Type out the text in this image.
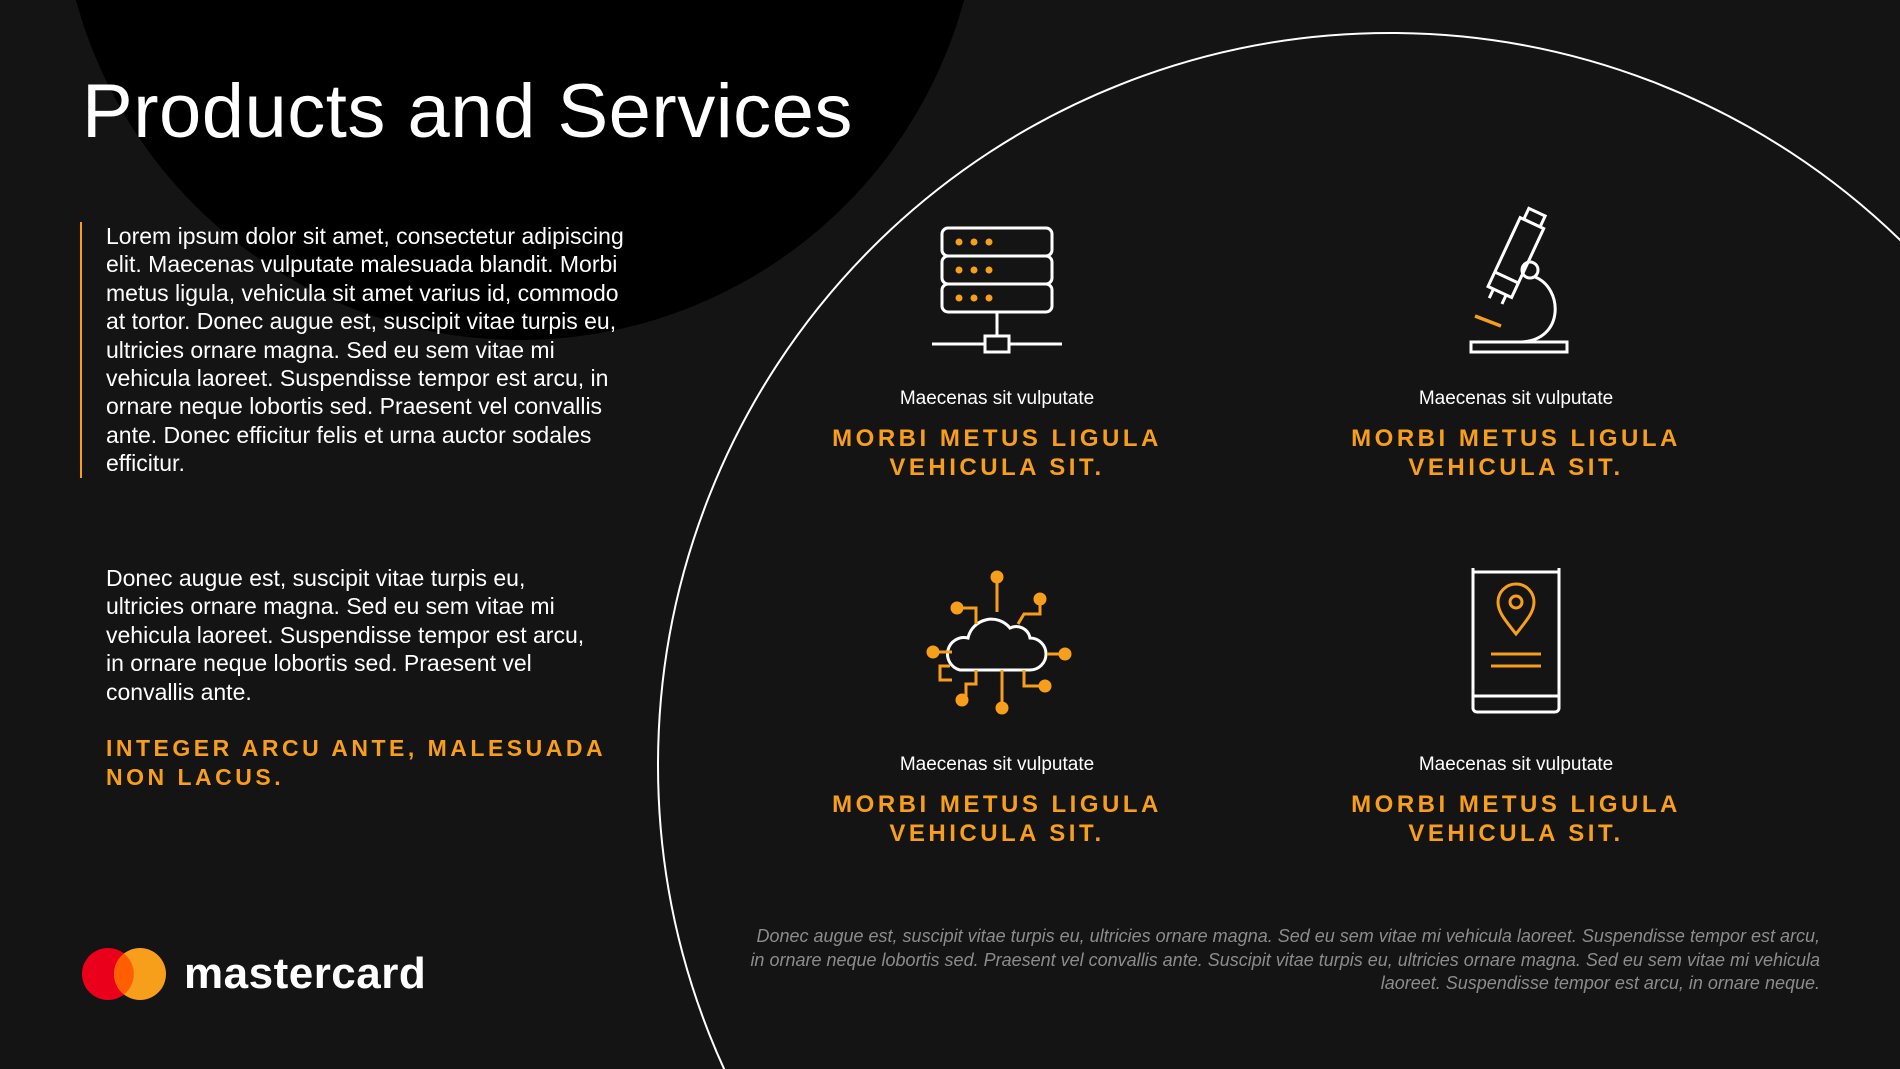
Products and Services
Lorem ipsum dolor sit amet, consectetur adipiscing elit. Maecenas vulputate malesuada blandit. Morbi metus ligula, vehicula sit amet varius id, commodo at tortor. Donec augue est, suscipit vitae turpis eu, ultricies ornare magna. Sed eu sem vitae mi vehicula laoreet. Suspendisse tempor est arcu, in ornare neque lobortis sed. Praesent vel convallis ante. Donec efficitur felis et urna auctor sodales efficitur.
Donec augue est, suscipit vitae turpis eu, ultricies ornare magna. Sed eu sem vitae mi vehicula laoreet. Suspendisse tempor est arcu, in ornare neque lobortis sed. Praesent vel convallis ante.
INTEGER ARCU ANTE, MALESUADA NON LACUS.
Maecenas sit vulputate
MORBI METUS LIGULA VEHICULA SIT.
Maecenas sit vulputate
MORBI METUS LIGULA VEHICULA SIT.
Maecenas sit vulputate
MORBI METUS LIGULA VEHICULA SIT.
Maecenas sit vulputate
MORBI METUS LIGULA VEHICULA SIT.
Donec augue est, suscipit vitae turpis eu, ultricies ornare magna. Sed eu sem vitae mi vehicula laoreet. Suspendisse tempor est arcu, in ornare neque lobortis sed. Praesent vel convallis ante. Suscipit vitae turpis eu, ultricies ornare magna. Sed eu sem vitae mi vehicula laoreet. Suspendisse tempor est arcu, in ornare neque.
mastercard
